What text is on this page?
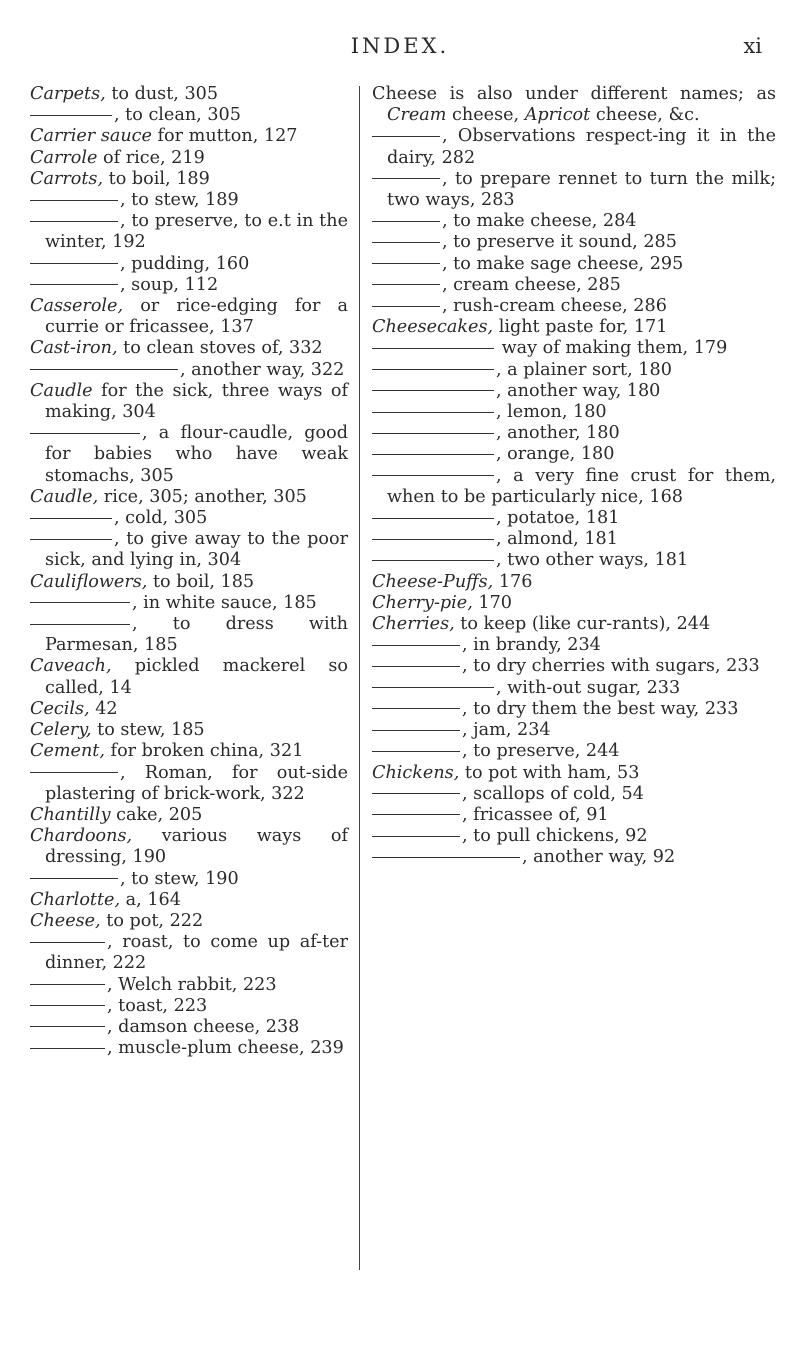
INDEX.	xi
Carpets, to dust, 305
, to clean, 305
Carrier sauce for mutton, 127
Carrole of rice, 219
Carrots, to boil, 189
, to stew, 189
, to preserve, to e.t in the winter, 192
, pudding, 160
, soup, 112
Casserole, or rice-edging for a currie or fricassee, 137
Cast-iron, to clean stoves of, 332
, another way, 322
Caudle for the sick, three ways of making, 304
, a flour-caudle, good for babies who have weak stomachs, 305
Caudle, rice, 305; another, 305
, cold, 305
, to give away to the poor sick, and lying in, 304
Cauliflowers, to boil, 185
, in white sauce, 185
, to dress with Parmesan, 185
Caveach, pickled mackerel so called, 14
Cecils, 42
Celery, to stew, 185
Cement, for broken china, 321
, Roman, for out-side plastering of brick-work, 322
Chantilly cake, 205
Chardoons, various ways of dressing, 190
, to stew, 190
Charlotte, a, 164
Cheese, to pot, 222
, roast, to come up af-ter dinner, 222
, Welch rabbit, 223
, toast, 223
, damson cheese, 238
, muscle-plum cheese, 239
Cheese is also under different names; as Cream cheese, Apricot cheese, &c.
, Observations respect-ing it in the dairy, 282
, to prepare rennet to turn the milk; two ways, 283
, to make cheese, 284
, to preserve it sound, 285
, to make sage cheese, 295
, cream cheese, 285
, rush-cream cheese, 286
Cheesecakes, light paste for, 171
way of making them, 179
, a plainer sort, 180
, another way, 180
, lemon, 180
, another, 180
, orange, 180
, a very fine crust for them, when to be particularly nice, 168
, potatoe, 181
, almond, 181
, two other ways, 181
Cheese-Puffs, 176
Cherry-pie, 170
Cherries, to keep (like cur-rants), 244
, in brandy, 234
, to dry cherries with sugars, 233
, with-out sugar, 233
, to dry them the best way, 233
, jam, 234
, to preserve, 244
Chickens, to pot with ham, 53
, scallops of cold, 54
, fricassee of, 91
, to pull chickens, 92
, another way, 92
